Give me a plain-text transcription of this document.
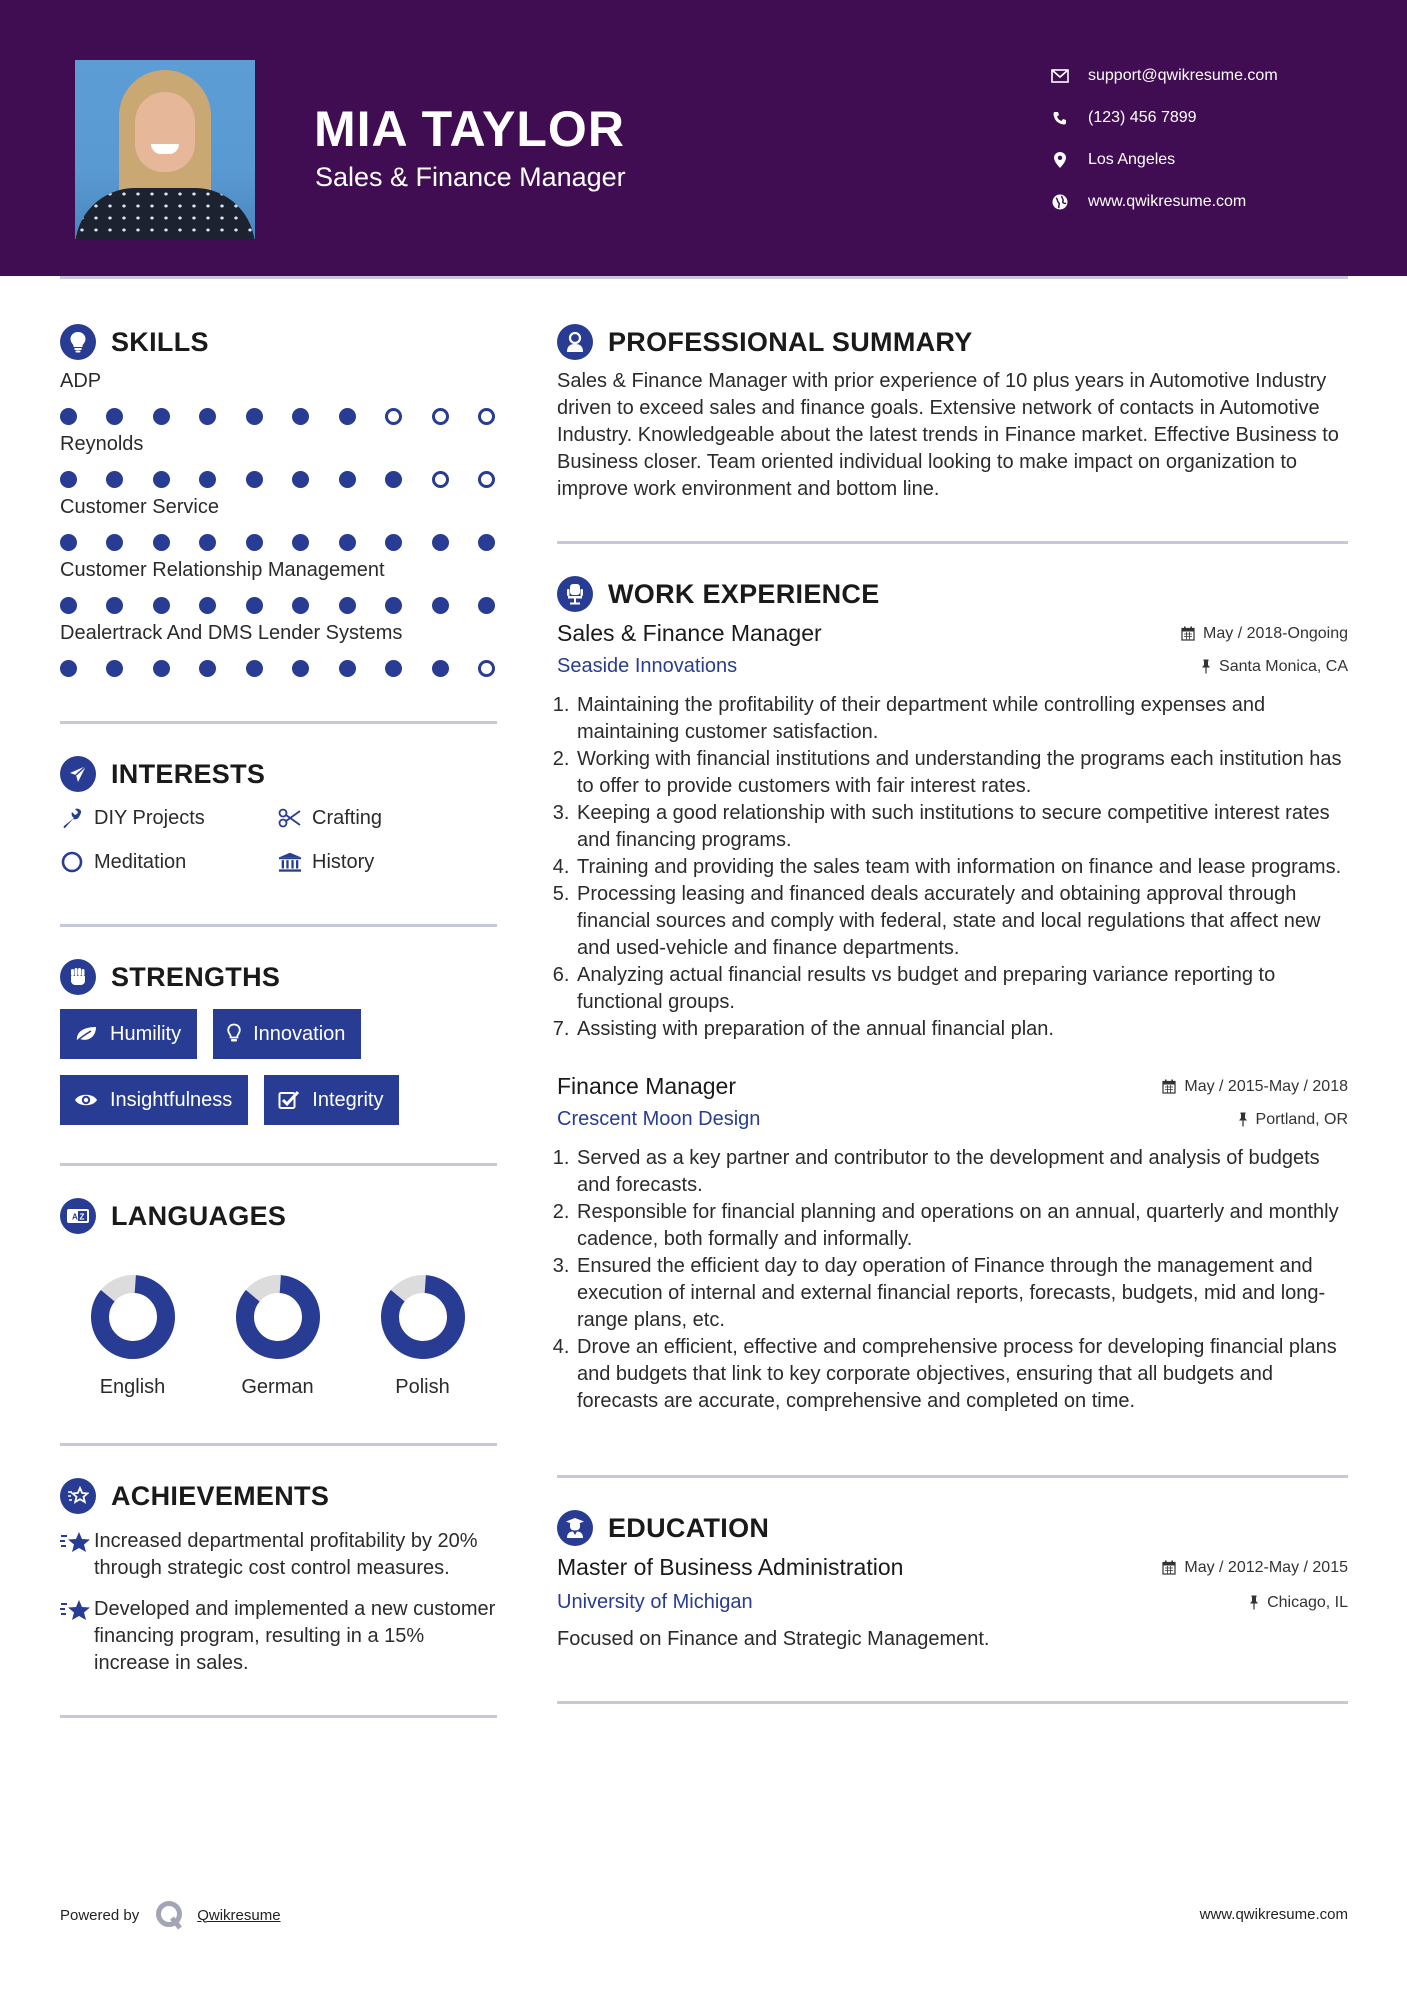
MIA TAYLOR
Sales & Finance Manager
support@qwikresume.com
(123) 456 7899
Los Angeles
www.qwikresume.com
SKILLS
ADP
Reynolds
Customer Service
Customer Relationship Management
Dealertrack And DMS Lender Systems
INTERESTS
DIY Projects	Crafting
Meditation	History
STRENGTHS
Humility	Innovation
Insightfulness	Integrity
A Z LANGUAGES
English	German	Polish
ACHIEVEMENTS
Increased departmental profitability by 20% through strategic cost control measures.
Developed and implemented a new customer financing program, resulting in a 15% increase in sales.
PROFESSIONAL SUMMARY

Sales & Finance Manager with prior experience of 10 plus years in Automotive Industry driven to exceed sales and finance goals. Extensive network of contacts in Automotive Industry. Knowledgeable about the latest trends in Finance market. Effective Business to Business closer. Team oriented individual looking to make impact on organization to improve work environment and bottom line.

WORK EXPERIENCE
Sales & Finance Manager	May / 2018-Ongoing
Seaside Innovations	Santa Monica, CA
1. Maintaining the profitability of their department while controlling expenses and maintaining customer satisfaction.
2. Working with financial institutions and understanding the programs each institution has to offer to provide customers with fair interest rates.
3. Keeping a good relationship with such institutions to secure competitive interest rates and financing programs.
4. Training and providing the sales team with information on finance and lease programs.
5. Processing leasing and financed deals accurately and obtaining approval through financial sources and comply with federal, state and local regulations that affect new and used-vehicle and finance departments.
6. Analyzing actual financial results vs budget and preparing variance reporting to functional groups.
7. Assisting with preparation of the annual financial plan.
Finance Manager	May / 2015-May / 2018
Crescent Moon Design	Portland, OR
1. Served as a key partner and contributor to the development and analysis of budgets and forecasts.
2. Responsible for financial planning and operations on an annual, quarterly and monthly cadence, both formally and informally.
3. Ensured the efficient day to day operation of Finance through the management and execution of internal and external financial reports, forecasts, budgets, mid and long-range plans, etc.
4. Drove an efficient, effective and comprehensive process for developing financial plans and budgets that link to key corporate objectives, ensuring that all budgets and forecasts are accurate, comprehensive and completed on time.
EDUCATION
Master of Business Administration	May / 2012-May / 2015
University of Michigan	Chicago, IL

Focused on Finance and Strategic Management.

Powered by	Qwikresume	www.qwikresume.com
